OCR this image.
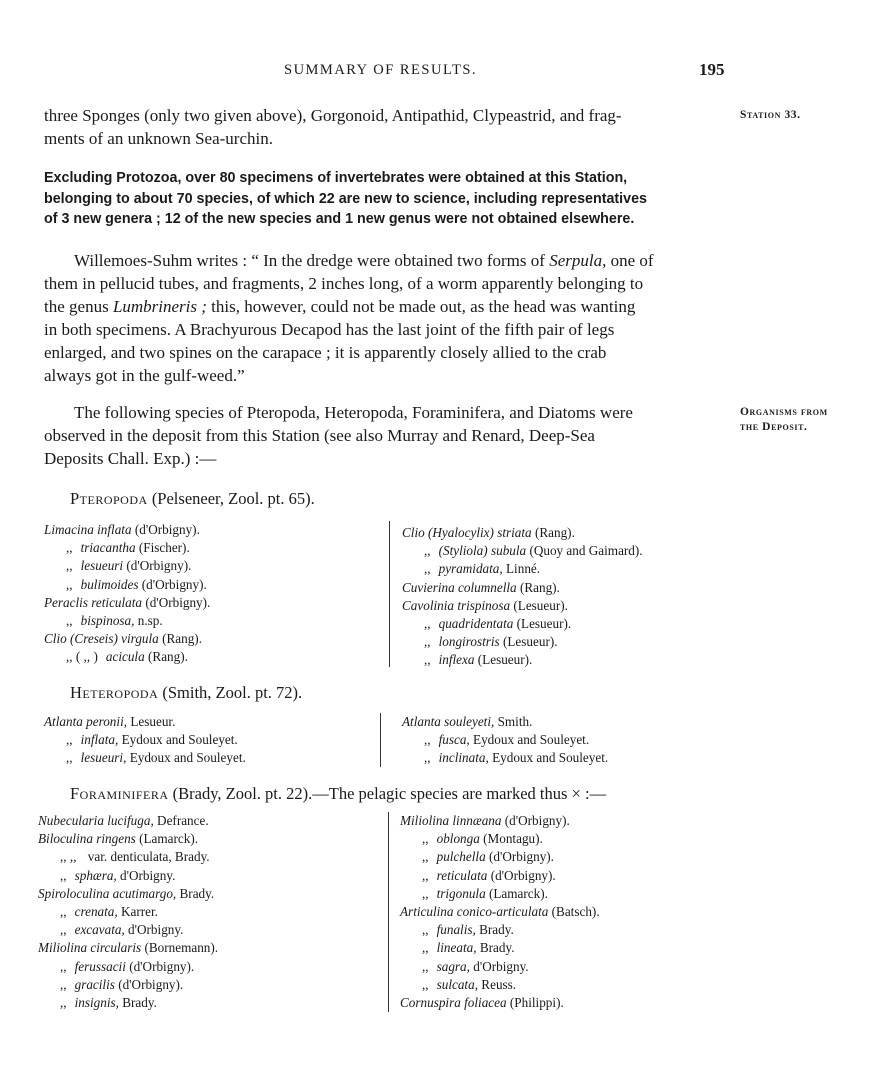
SUMMARY OF RESULTS.	195
Station 33.
Organisms from
the Deposit.
three Sponges (only two given above), Gorgonoid, Antipathid, Clypeastrid, and frag-
ments of an unknown Sea-urchin.
Excluding Protozoa, over 80 specimens of invertebrates were obtained at this Station,
belonging to about 70 species, of which 22 are new to science, including representatives
of 3 new genera ; 12 of the new species and 1 new genus were not obtained elsewhere.
Willemoes-Suhm writes : “ In the dredge were obtained two forms of Serpula, one of
them in pellucid tubes, and fragments, 2 inches long, of a worm apparently belonging to
the genus Lumbrineris ; this, however, could not be made out, as the head was wanting
in both specimens. A Brachyurous Decapod has the last joint of the fifth pair of legs
enlarged, and two spines on the carapace ; it is apparently closely allied to the crab
always got in the gulf-weed.”
The following species of Pteropoda, Heteropoda, Foraminifera, and Diatoms were
observed in the deposit from this Station (see also Murray and Renard, Deep-Sea
Deposits Chall. Exp.) :—
Pteropoda (Pelseneer, Zool. pt. 65).
Limacina inflata (d'Orbigny).
,, triacantha (Fischer).
,, lesueuri (d'Orbigny).
,, bulimoides (d'Orbigny).
Peraclis reticulata (d'Orbigny).
,, bispinosa, n.sp.
Clio (Creseis) virgula (Rang).
,, ( ,, ) acicula (Rang).
Clio (Hyalocylix) striata (Rang).
,, (Styliola) subula (Quoy and Gaimard).
,, pyramidata, Linné.
Cuvierina columnella (Rang).
Cavolinia trispinosa (Lesueur).
,, quadridentata (Lesueur).
,, longirostris (Lesueur).
,, inflexa (Lesueur).
Heteropoda (Smith, Zool. pt. 72).
Atlanta peronii, Lesueur.
,, inflata, Eydoux and Souleyet.
,, lesueuri, Eydoux and Souleyet.
Atlanta souleyeti, Smith.
,, fusca, Eydoux and Souleyet.
,, inclinata, Eydoux and Souleyet.
Foraminifera (Brady, Zool. pt. 22).—The pelagic species are marked thus × :—
Nubecularia lucifuga, Defrance.
Biloculina ringens (Lamarck).
,, ,, var. denticulata, Brady.
,, sphæra, d'Orbigny.
Spiroloculina acutimargo, Brady.
,, crenata, Karrer.
,, excavata, d'Orbigny.
Miliolina circularis (Bornemann).
,, ferussacii (d'Orbigny).
,, gracilis (d'Orbigny).
,, insignis, Brady.
Miliolina linnæana (d'Orbigny).
,, oblonga (Montagu).
,, pulchella (d'Orbigny).
,, reticulata (d'Orbigny).
,, trigonula (Lamarck).
Articulina conico-articulata (Batsch).
,, funalis, Brady.
,, lineata, Brady.
,, sagra, d'Orbigny.
,, sulcata, Reuss.
Cornuspira foliacea (Philippi).
